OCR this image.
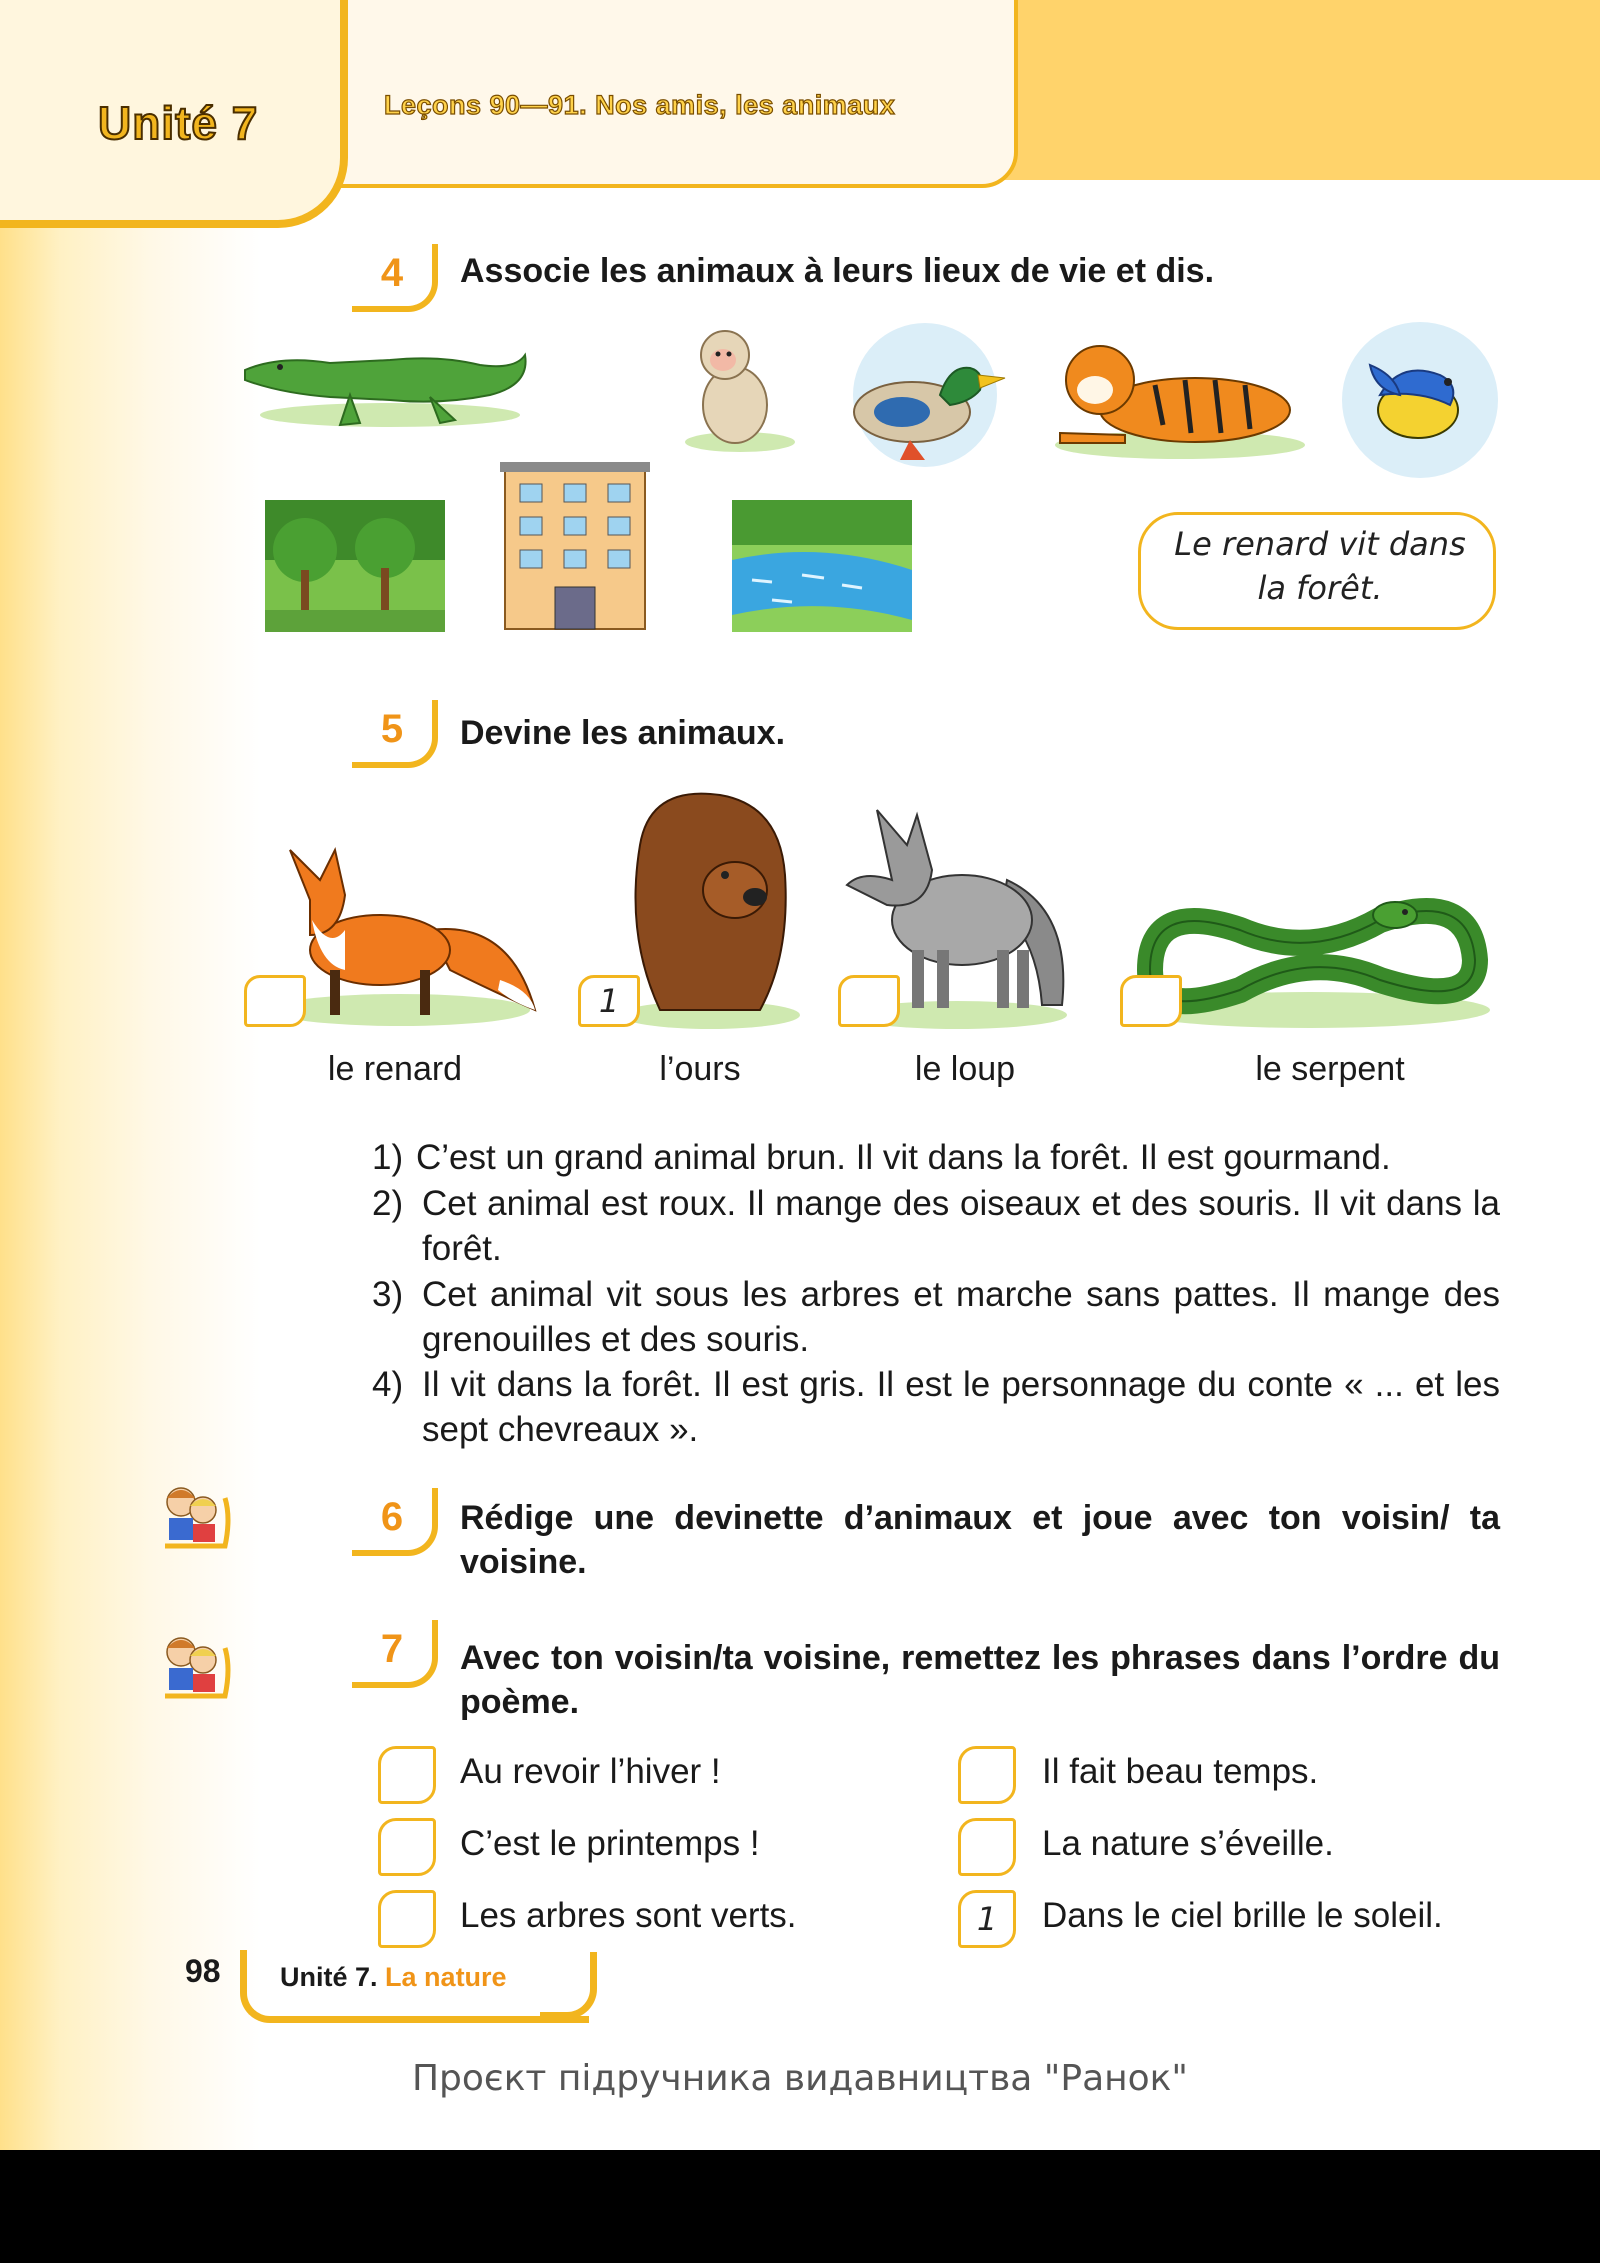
Unité 7	Leçons 90—91. Nos amis, les animaux
4	Associe les animaux à leurs lieux de vie et dis.
Le renard vit dans la forêt.
5	Devine les animaux.
1
le renard	l’ours	le loup	le serpent
1) C’est un grand animal brun. Il vit dans la forêt. Il est gourmand.
2) Cet animal est roux. Il mange des oiseaux et des souris. Il vit dans la forêt.
3) Cet animal vit sous les arbres et marche sans pattes. Il mange des grenouilles et des souris.
4) Il vit dans la forêt. Il est gris. Il est le personnage du conte « ... et les sept chevreaux ».
6	Rédige une devinette d’animaux et joue avec ton voisin/ ta voisine.
7	Avec ton voisin/ta voisine, remettez les phrases dans l’ordre du poème.
Au revoir l’hiver !
C’est le printemps !
Les arbres sont verts.
Il fait beau temps.
La nature s’éveille.
1	Dans le ciel brille le soleil.
98 Unité 7. La nature
Проєкт підручника видавництва "Ранок"
